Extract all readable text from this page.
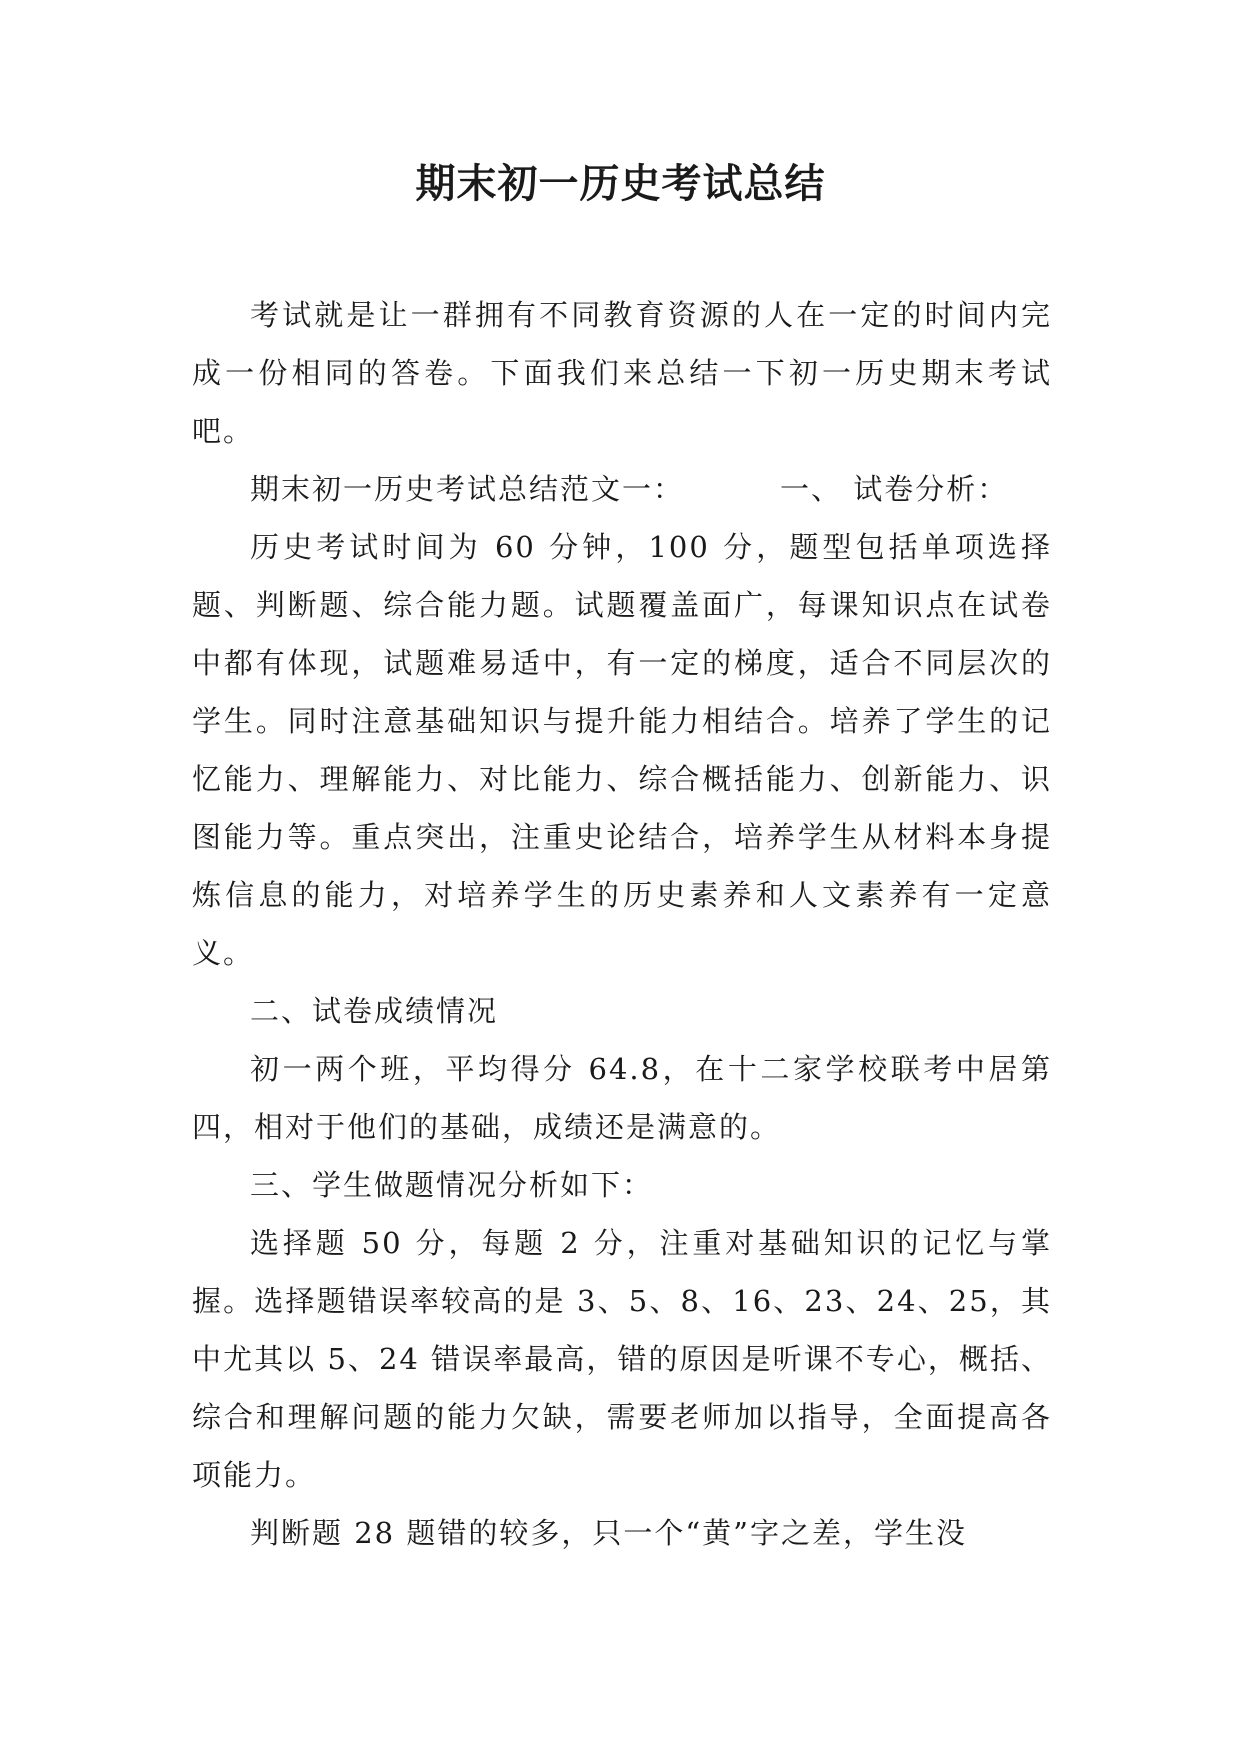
期末初一历史考试总结

考试就是让一群拥有不同教育资源的人在一定的时间内完成一份相同的答卷。下面我们来总结一下初一历史期末考试吧。

期末初一历史考试总结范文一：	一、 试卷分析：

历史考试时间为 60 分钟，100 分，题型包括单项选择题、判断题、综合能力题。试题覆盖面广，每课知识点在试卷中都有体现，试题难易适中，有一定的梯度，适合不同层次的学生。同时注意基础知识与提升能力相结合。培养了学生的记忆能力、理解能力、对比能力、综合概括能力、创新能力、识图能力等。重点突出，注重史论结合，培养学生从材料本身提炼信息的能力，对培养学生的历史素养和人文素养有一定意义。

二、试卷成绩情况

初一两个班，平均得分 64.8，在十二家学校联考中居第四，相对于他们的基础，成绩还是满意的。

三、学生做题情况分析如下：

选择题 50 分，每题 2 分，注重对基础知识的记忆与掌握。选择题错误率较高的是 3、5、8、16、23、24、25，其中尤其以 5、24 错误率最高，错的原因是听课不专心，概括、综合和理解问题的能力欠缺，需要老师加以指导，全面提高各项能力。

判断题 28 题错的较多，只一个“黄”字之差，学生没
